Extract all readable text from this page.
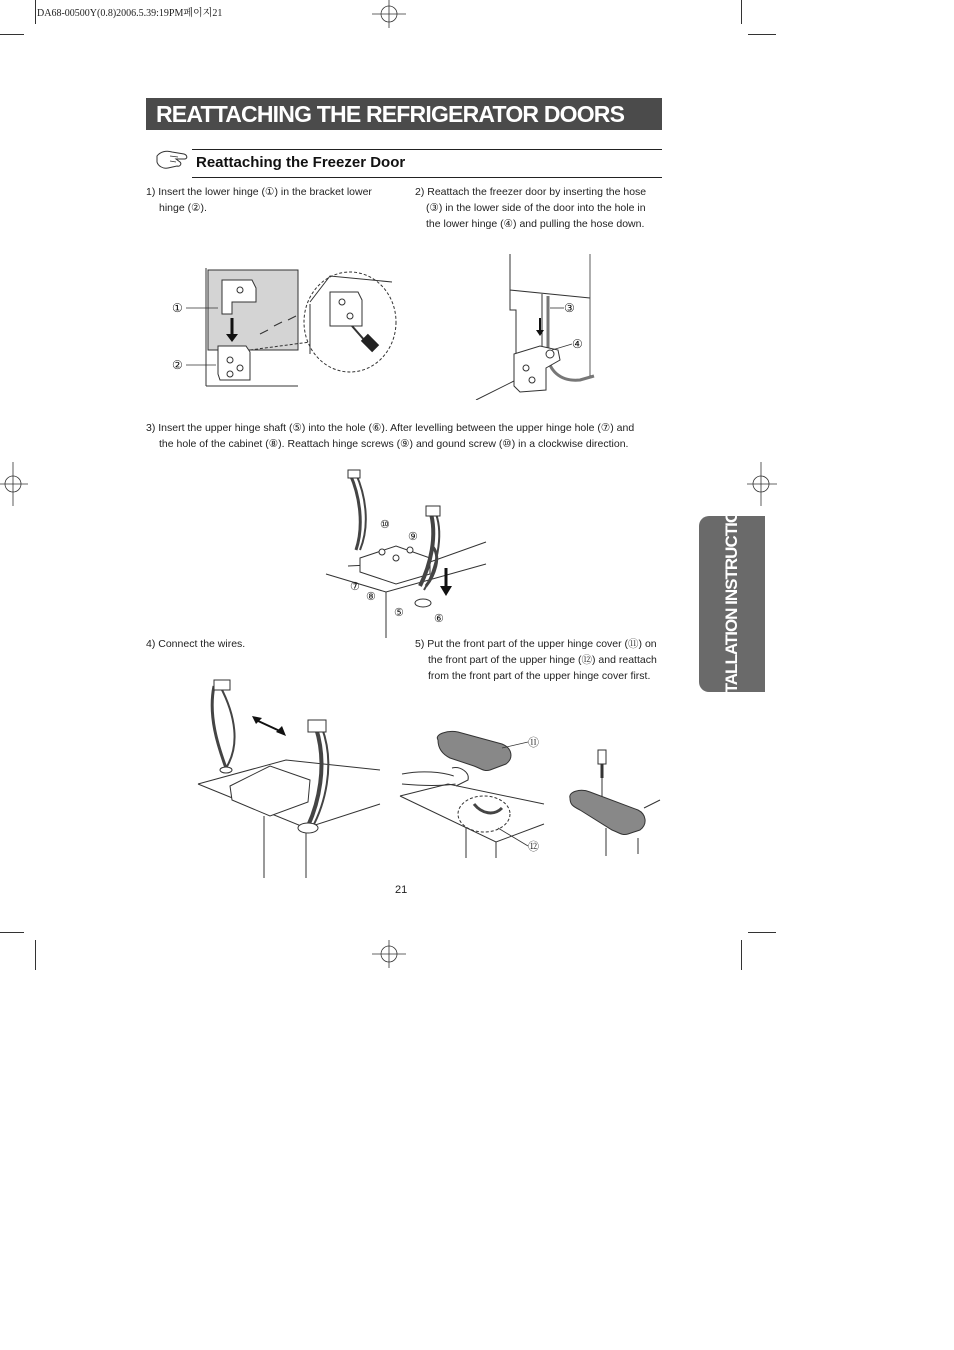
DA68-00500Y(0.8)2006.5.39:19PM페이지21
REATTACHING THE REFRIGERATOR DOORS
Reattaching the Freezer Door
1) Insert the lower hinge (①) in the bracket lower
hinge (②).
2) Reattach the freezer door by inserting the hose
(③) in the lower side of the door into the hole in
the lower hinge (④) and pulling the hose down.
①
②
③
④
3) Insert the upper hinge shaft (⑤) into the hole (⑥). After levelling between the upper hinge hole (⑦) and
the hole of the cabinet (⑧). Reattach hinge screws (⑨) and gound screw (⑩) in a clockwise direction.
⑩
⑨
⑦
⑧
⑤	⑥
4) Connect the wires.	5) Put the front part of the upper hinge cover (⑪) on
the front part of the upper hinge (⑫) and reattach
from the front part of the upper hinge cover first.
⑪
⑫
INSTALLATION INSTRUCTIONS
21
